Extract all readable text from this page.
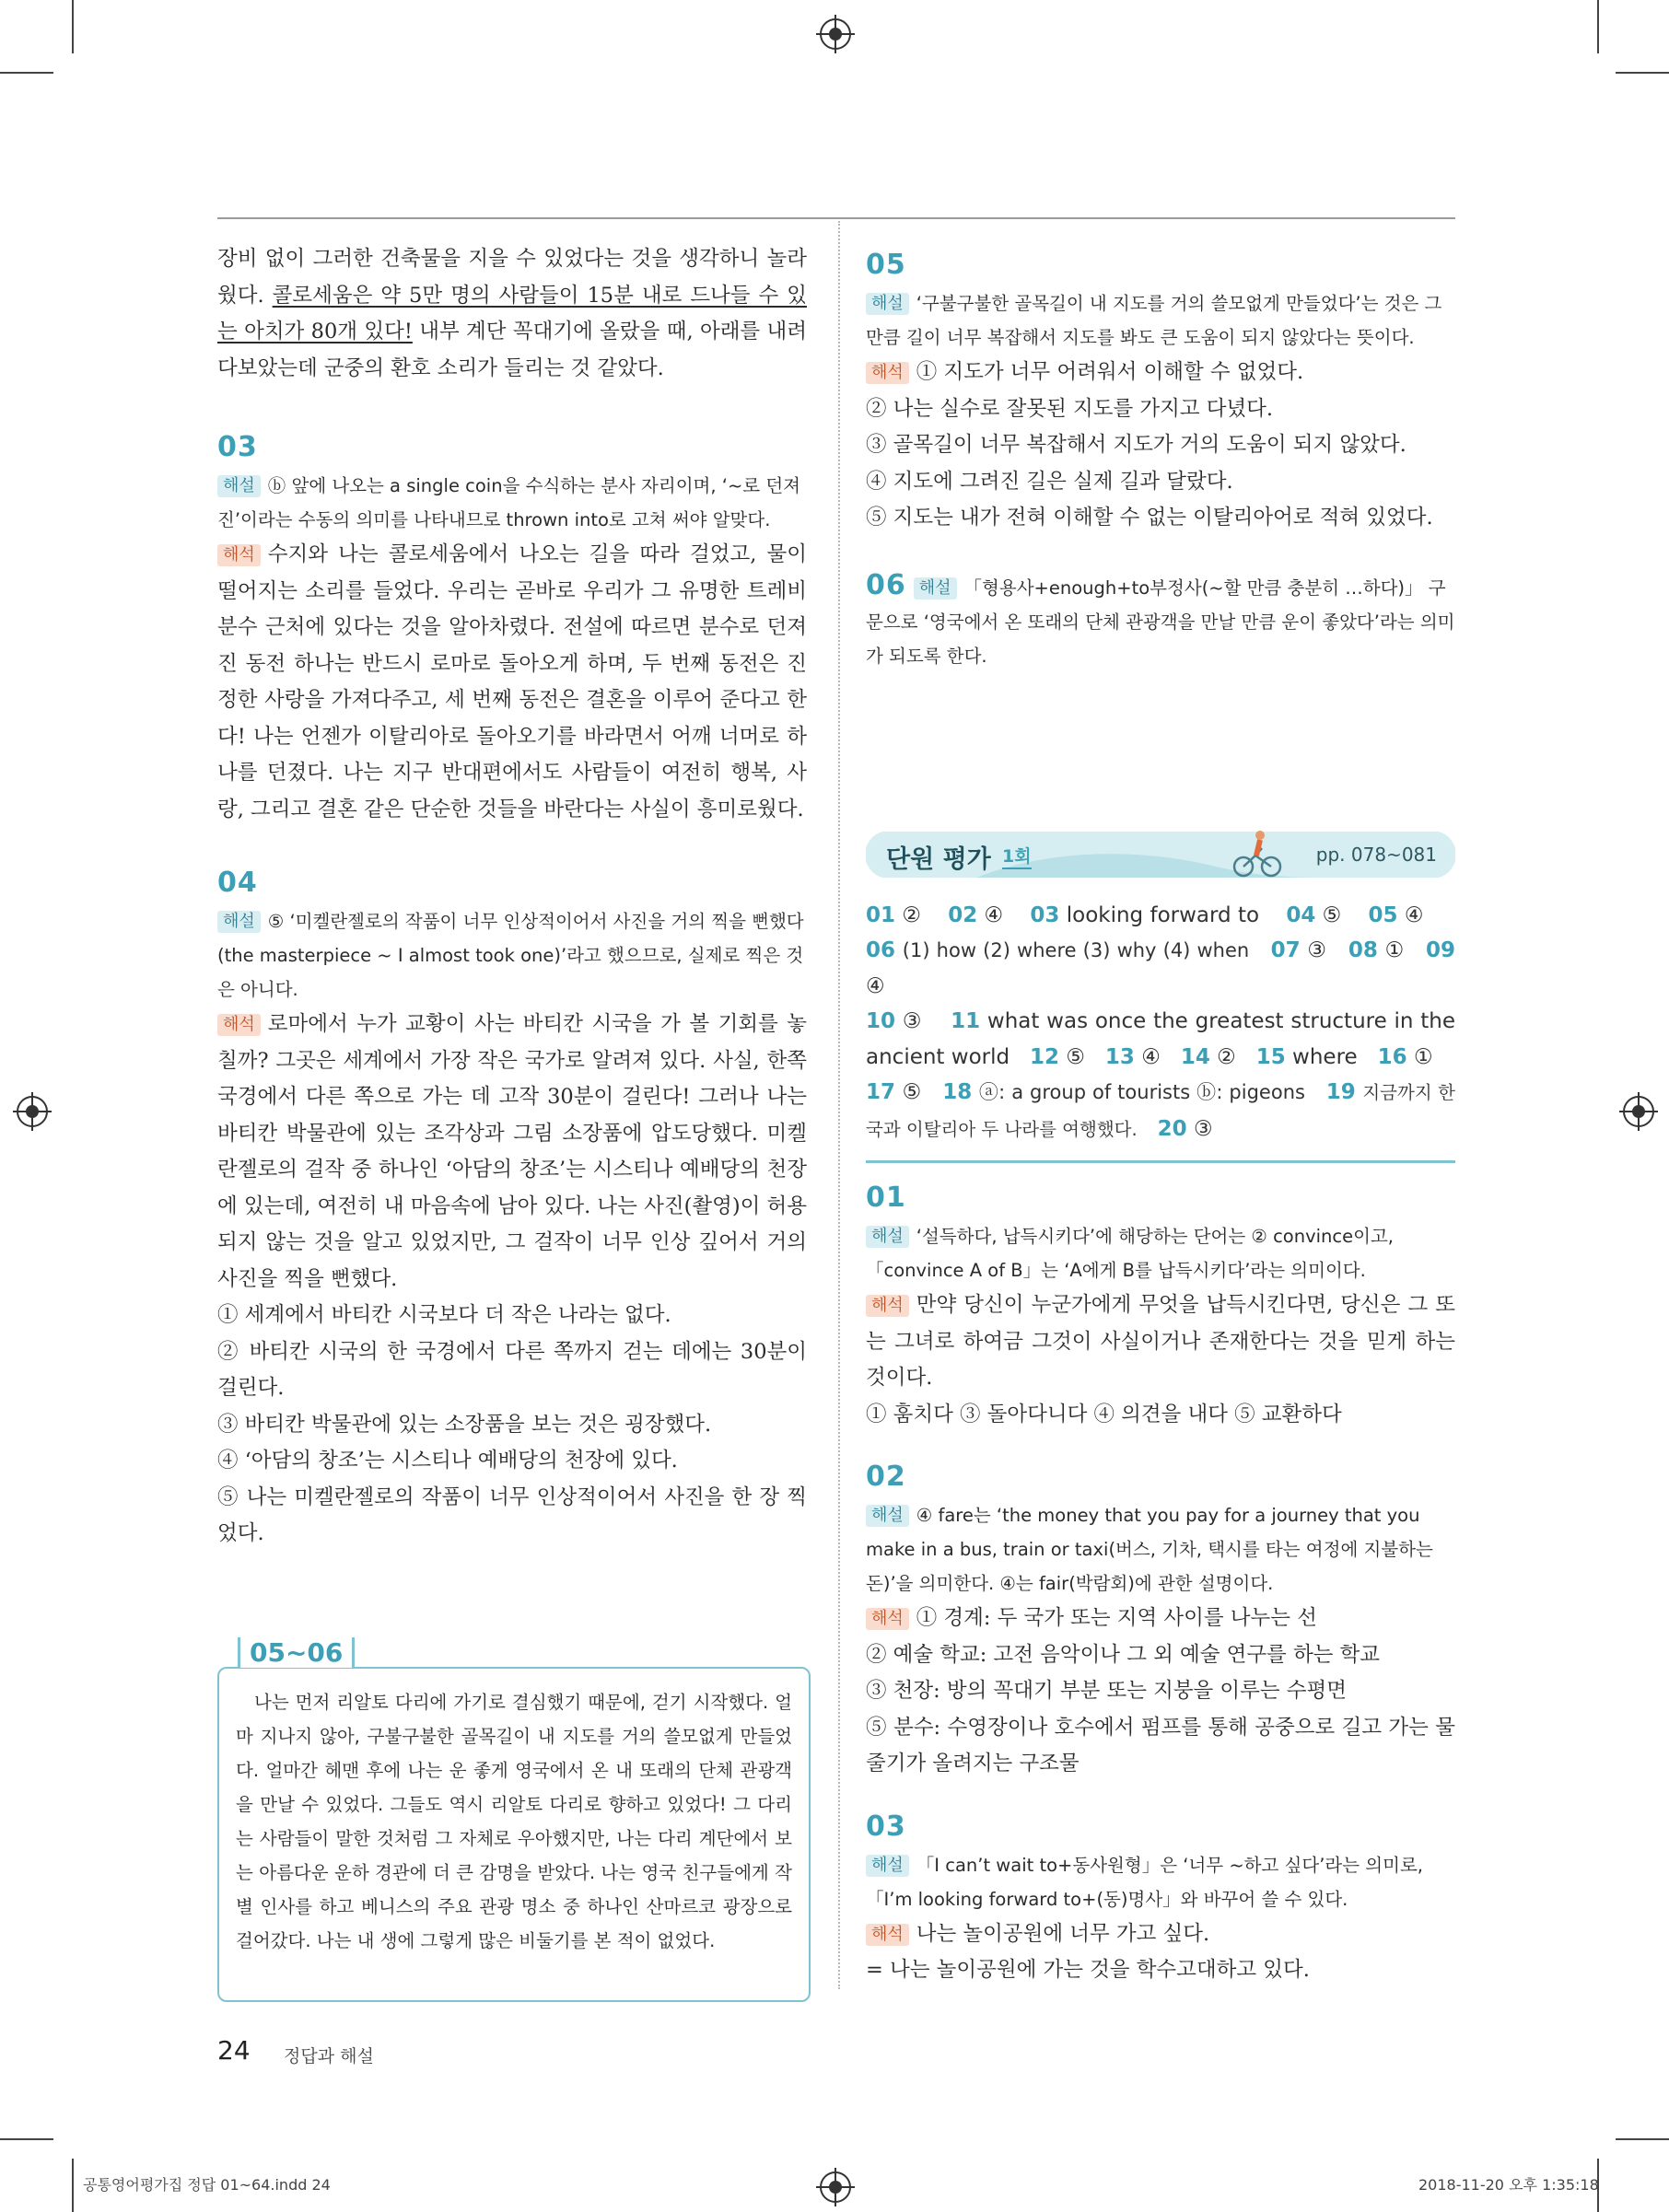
장비 없이 그러한 건축물을 지을 수 있었다는 것을 생각하니 놀라웠다. 콜로세움은 약 5만 명의 사람들이 15분 내로 드나들 수 있는 아치가 80개 있다! 내부 계단 꼭대기에 올랐을 때, 아래를 내려다보았는데 군중의 환호 소리가 들리는 것 같았다.

03

해설 ⓑ 앞에 나오는 a single coin을 수식하는 분사 자리이며, ‘~로 던져진’이라는 수동의 의미를 나타내므로 thrown into로 고쳐 써야 알맞다.

해석 수지와 나는 콜로세움에서 나오는 길을 따라 걸었고, 물이 떨어지는 소리를 들었다. 우리는 곧바로 우리가 그 유명한 트레비 분수 근처에 있다는 것을 알아차렸다. 전설에 따르면 분수로 던져진 동전 하나는 반드시 로마로 돌아오게 하며, 두 번째 동전은 진정한 사랑을 가져다주고, 세 번째 동전은 결혼을 이루어 준다고 한다! 나는 언젠가 이탈리아로 돌아오기를 바라면서 어깨 너머로 하나를 던졌다. 나는 지구 반대편에서도 사람들이 여전히 행복, 사랑, 그리고 결혼 같은 단순한 것들을 바란다는 사실이 흥미로웠다.

04

해설 ⑤ ‘미켈란젤로의 작품이 너무 인상적이어서 사진을 거의 찍을 뻔했다(the masterpiece ~ I almost took one)’라고 했으므로, 실제로 찍은 것은 아니다.

해석 로마에서 누가 교황이 사는 바티칸 시국을 가 볼 기회를 놓칠까? 그곳은 세계에서 가장 작은 국가로 알려져 있다. 사실, 한쪽 국경에서 다른 쪽으로 가는 데 고작 30분이 걸린다! 그러나 나는 바티칸 박물관에 있는 조각상과 그림 소장품에 압도당했다. 미켈란젤로의 걸작 중 하나인 ‘아담의 창조’는 시스티나 예배당의 천장에 있는데, 여전히 내 마음속에 남아 있다. 나는 사진(촬영)이 허용되지 않는 것을 알고 있었지만, 그 걸작이 너무 인상 깊어서 거의 사진을 찍을 뻔했다.

① 세계에서 바티칸 시국보다 더 작은 나라는 없다.

② 바티칸 시국의 한 국경에서 다른 쪽까지 걷는 데에는 30분이 걸린다.

③ 바티칸 박물관에 있는 소장품을 보는 것은 굉장했다.

④ ‘아담의 창조’는 시스티나 예배당의 천장에 있다.

⑤ 나는 미켈란젤로의 작품이 너무 인상적이어서 사진을 한 장 찍었다.

05~06

나는 먼저 리알토 다리에 가기로 결심했기 때문에, 걷기 시작했다. 얼마 지나지 않아, 구불구불한 골목길이 내 지도를 거의 쓸모없게 만들었다. 얼마간 헤맨 후에 나는 운 좋게 영국에서 온 내 또래의 단체 관광객을 만날 수 있었다. 그들도 역시 리알토 다리로 향하고 있었다! 그 다리는 사람들이 말한 것처럼 그 자체로 우아했지만, 나는 다리 계단에서 보는 아름다운 운하 경관에 더 큰 감명을 받았다. 나는 영국 친구들에게 작별 인사를 하고 베니스의 주요 관광 명소 중 하나인 산마르코 광장으로 걸어갔다. 나는 내 생에 그렇게 많은 비둘기를 본 적이 없었다.

05

해설 ‘구불구불한 골목길이 내 지도를 거의 쓸모없게 만들었다’는 것은 그만큼 길이 너무 복잡해서 지도를 봐도 큰 도움이 되지 않았다는 뜻이다.

해석 ① 지도가 너무 어려워서 이해할 수 없었다.

② 나는 실수로 잘못된 지도를 가지고 다녔다.

③ 골목길이 너무 복잡해서 지도가 거의 도움이 되지 않았다.

④ 지도에 그려진 길은 실제 길과 달랐다.

⑤ 지도는 내가 전혀 이해할 수 없는 이탈리아어로 적혀 있었다.

06 해설 「형용사+enough+to부정사(~할 만큼 충분히 …하다)」 구문으로 ‘영국에서 온 또래의 단체 관광객을 만날 만큼 운이 좋았다’라는 의미가 되도록 한다.

단원 평가 1회	pp. 078~081
01 ② 02 ④ 03 looking forward to 04 ⑤ 05 ④
06 (1) how (2) where (3) why (4) when 07 ③ 08 ① 09 ④
10 ③ 11 what was once the greatest structure in the ancient world 12 ⑤ 13 ④ 14 ② 15 where 16 ①
17 ⑤ 18 ⓐ: a group of tourists ⓑ: pigeons 19 지금까지 한국과 이탈리아 두 나라를 여행했다. 20 ③
01

해설 ‘설득하다, 납득시키다’에 해당하는 단어는 ② convince이고, 「convince A of B」는 ‘A에게 B를 납득시키다’라는 의미이다.

해석 만약 당신이 누군가에게 무엇을 납득시킨다면, 당신은 그 또는 그녀로 하여금 그것이 사실이거나 존재한다는 것을 믿게 하는 것이다.

① 훔치다 ③ 돌아다니다 ④ 의견을 내다 ⑤ 교환하다

02

해설 ④ fare는 ‘the money that you pay for a journey that you make in a bus, train or taxi(버스, 기차, 택시를 타는 여정에 지불하는 돈)’을 의미한다. ④는 fair(박람회)에 관한 설명이다.

해석 ① 경계: 두 국가 또는 지역 사이를 나누는 선

② 예술 학교: 고전 음악이나 그 외 예술 연구를 하는 학교

③ 천장: 방의 꼭대기 부분 또는 지붕을 이루는 수평면

⑤ 분수: 수영장이나 호수에서 펌프를 통해 공중으로 길고 가는 물줄기가 올려지는 구조물

03

해설 「I can’t wait to+동사원형」은 ‘너무 ~하고 싶다’라는 의미로, 「I’m looking forward to+(동)명사」와 바꾸어 쓸 수 있다.

해석 나는 놀이공원에 너무 가고 싶다.

= 나는 놀이공원에 가는 것을 학수고대하고 있다.

24 정답과 해설
공통영어평가집 정답 01~64.indd 24	2018-11-20 오후 1:35:18
